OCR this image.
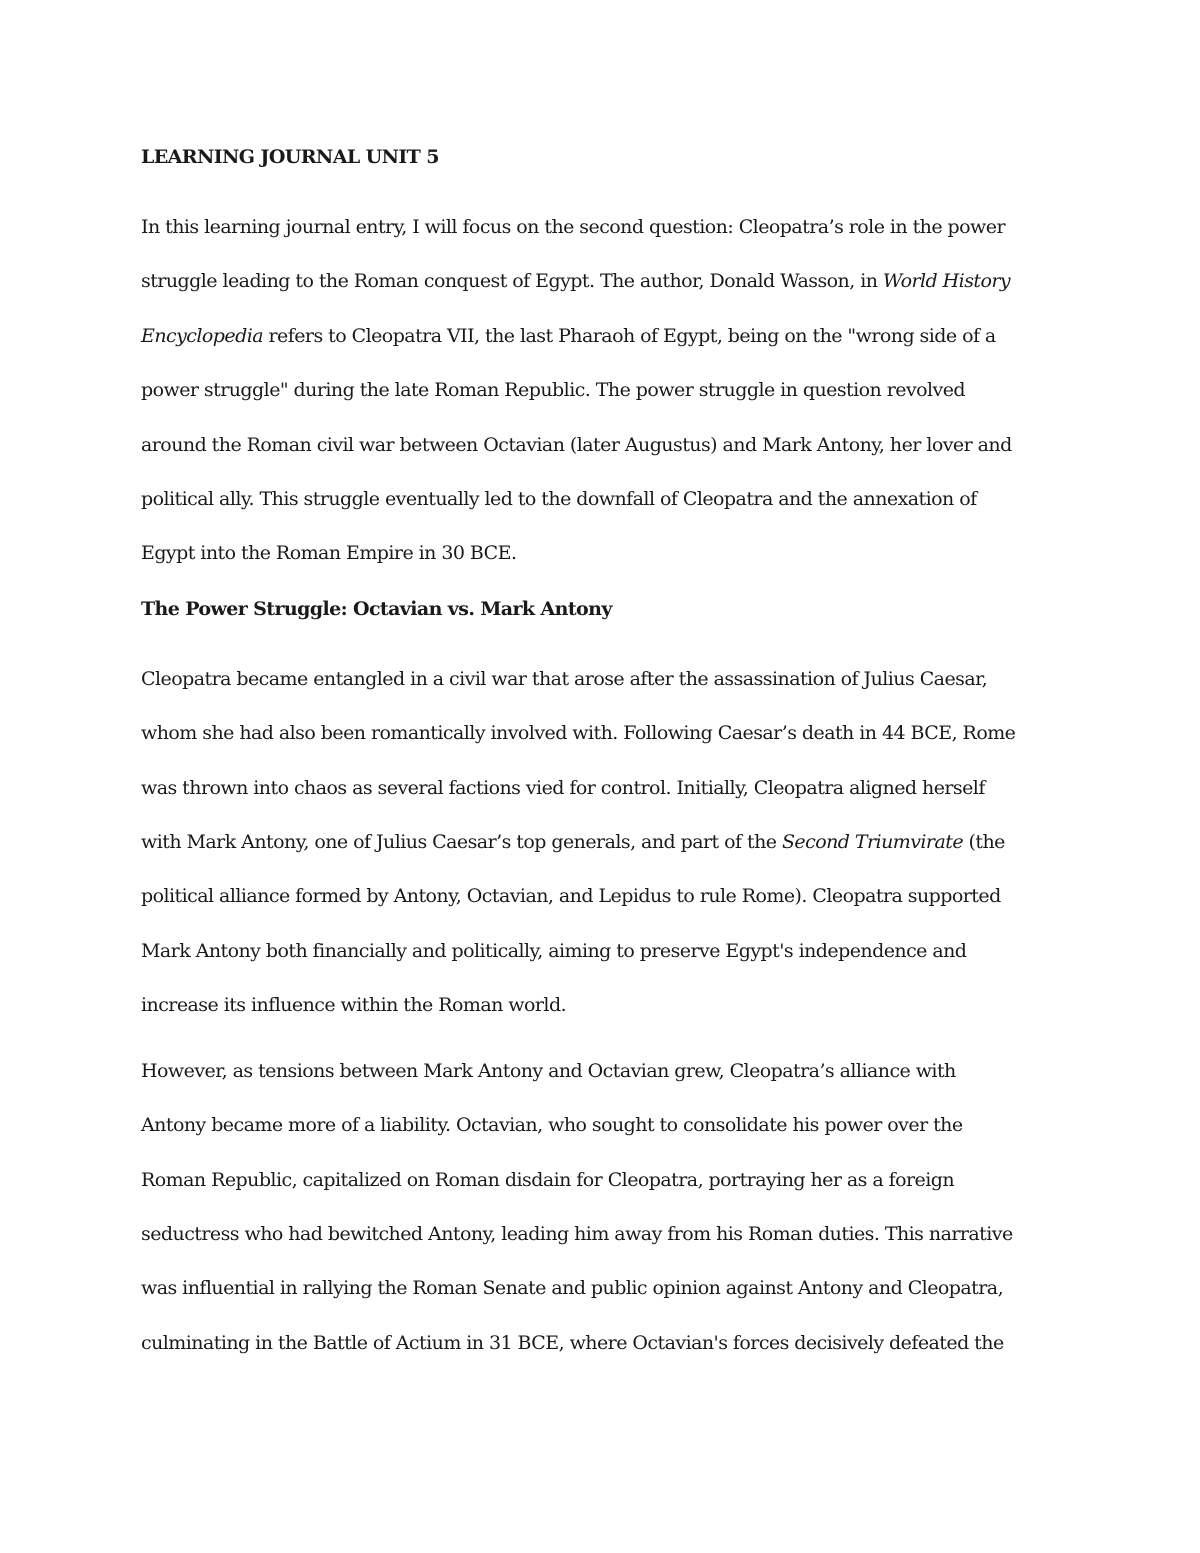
LEARNING JOURNAL UNIT 5

In this learning journal entry, I will focus on the second question: Cleopatra’s role in the power
struggle leading to the Roman conquest of Egypt. The author, Donald Wasson, in World History
Encyclopedia refers to Cleopatra VII, the last Pharaoh of Egypt, being on the "wrong side of a
power struggle" during the late Roman Republic. The power struggle in question revolved
around the Roman civil war between Octavian (later Augustus) and Mark Antony, her lover and
political ally. This struggle eventually led to the downfall of Cleopatra and the annexation of
Egypt into the Roman Empire in 30 BCE.

The Power Struggle: Octavian vs. Mark Antony

Cleopatra became entangled in a civil war that arose after the assassination of Julius Caesar,
whom she had also been romantically involved with. Following Caesar’s death in 44 BCE, Rome
was thrown into chaos as several factions vied for control. Initially, Cleopatra aligned herself
with Mark Antony, one of Julius Caesar’s top generals, and part of the Second Triumvirate (the
political alliance formed by Antony, Octavian, and Lepidus to rule Rome). Cleopatra supported
Mark Antony both financially and politically, aiming to preserve Egypt's independence and
increase its influence within the Roman world.

However, as tensions between Mark Antony and Octavian grew, Cleopatra’s alliance with
Antony became more of a liability. Octavian, who sought to consolidate his power over the
Roman Republic, capitalized on Roman disdain for Cleopatra, portraying her as a foreign
seductress who had bewitched Antony, leading him away from his Roman duties. This narrative
was influential in rallying the Roman Senate and public opinion against Antony and Cleopatra,
culminating in the Battle of Actium in 31 BCE, where Octavian's forces decisively defeated the
